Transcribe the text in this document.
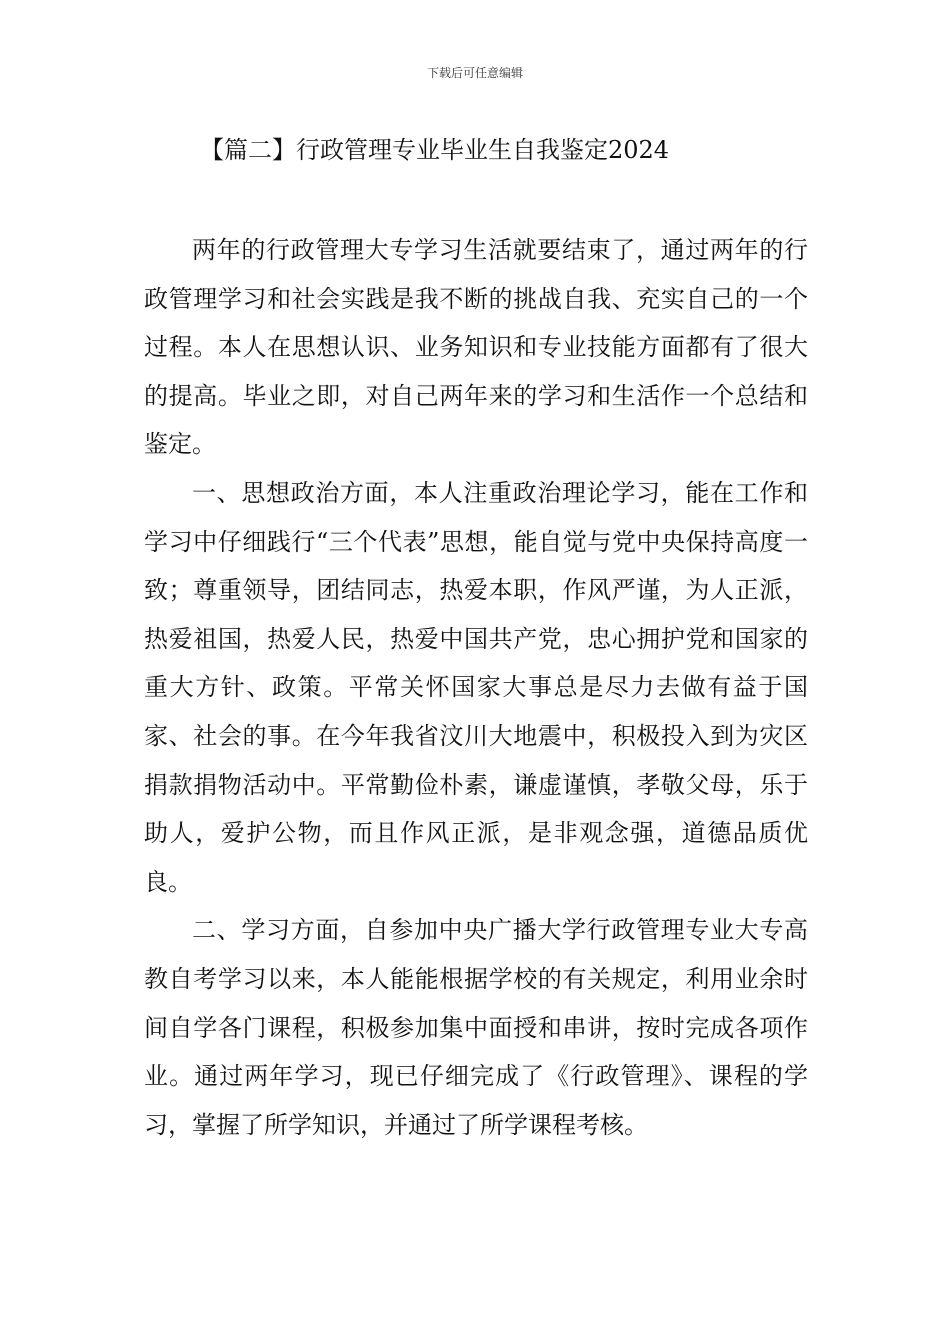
下载后可任意编辑
【篇二】行政管理专业毕业生自我鉴定2024

两年的行政管理大专学习生活就要结束了，通过两年的行政管理学习和社会实践是我不断的挑战自我、充实自己的一个过程。本人在思想认识、业务知识和专业技能方面都有了很大的提高。毕业之即，对自己两年来的学习和生活作一个总结和鉴定。

一、思想政治方面，本人注重政治理论学习，能在工作和学习中仔细践行“三个代表”思想，能自觉与党中央保持高度一致；尊重领导，团结同志，热爱本职，作风严谨，为人正派，热爱祖国，热爱人民，热爱中国共产党，忠心拥护党和国家的重大方针、政策。平常关怀国家大事总是尽力去做有益于国家、社会的事。在今年我省汶川大地震中，积极投入到为灾区捐款捐物活动中。平常勤俭朴素，谦虚谨慎，孝敬父母，乐于助人，爱护公物，而且作风正派，是非观念强，道德品质优良。

二、学习方面，自参加中央广播大学行政管理专业大专高教自考学习以来，本人能能根据学校的有关规定，利用业余时间自学各门课程，积极参加集中面授和串讲，按时完成各项作业。通过两年学习，现已仔细完成了《行政管理》、课程的学习，掌握了所学知识，并通过了所学课程考核。
